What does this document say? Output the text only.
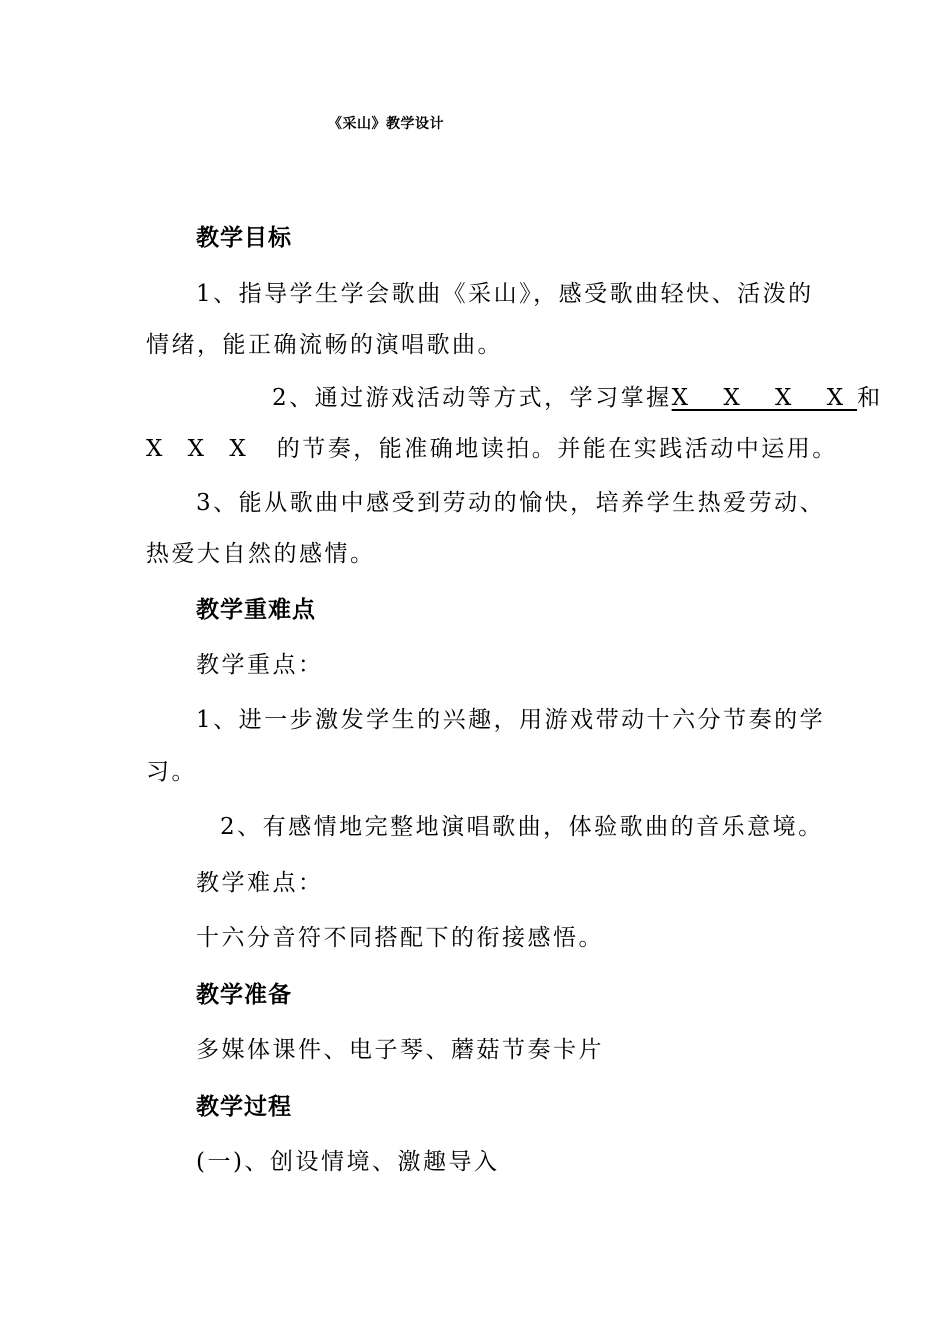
《采山》教学设计
教学目标
1、指导学生学会歌曲《采山》，感受歌曲轻快、活泼的
情绪，能正确流畅的演唱歌曲。
2、通过游戏活动等方式，学习掌握X X X X和
X X X 的节奏，能准确地读拍。并能在实践活动中运用。
3、能从歌曲中感受到劳动的愉快，培养学生热爱劳动、
热爱大自然的感情。
教学重难点
教学重点：
1、进一步激发学生的兴趣，用游戏带动十六分节奏的学
习。
2、有感情地完整地演唱歌曲，体验歌曲的音乐意境。
教学难点：
十六分音符不同搭配下的衔接感悟。
教学准备
多媒体课件、电子琴、蘑菇节奏卡片
教学过程
(一)、创设情境、激趣导入
